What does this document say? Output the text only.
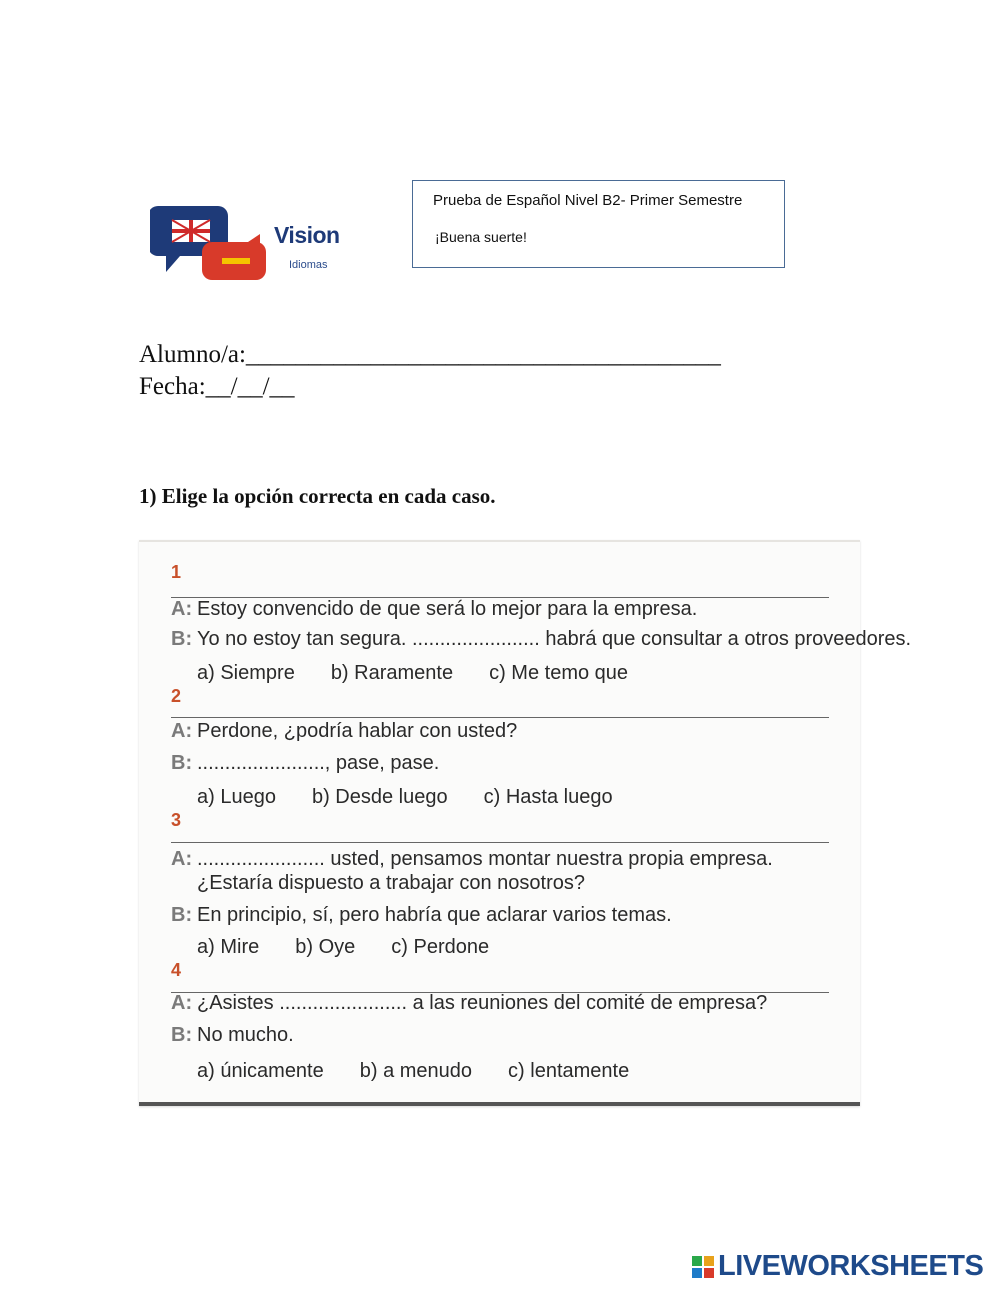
Vision
Idiomas
Prueba de Español Nivel B2- Primer Semestre
¡Buena suerte!
Alumno/a:______________________________________
Fecha:__/__/__
1) Elige la opción correcta en cada caso.
1
A: Estoy convencido de que será lo mejor para la empresa.
B: Yo no estoy tan segura. ....................... habrá que consultar a otros proveedores.
a) Siempre b) Raramente c) Me temo que
2
A: Perdone, ¿podría hablar con usted?
B: ......................., pase, pase.
a) Luego b) Desde luego c) Hasta luego
3
A: ....................... usted, pensamos montar nuestra propia empresa.
¿Estaría dispuesto a trabajar con nosotros?
B: En principio, sí, pero habría que aclarar varios temas.
a) Mire b) Oye c) Perdone
4
A: ¿Asistes ....................... a las reuniones del comité de empresa?
B: No mucho.
a) únicamente b) a menudo c) lentamente
LIVEWORKSHEETS
